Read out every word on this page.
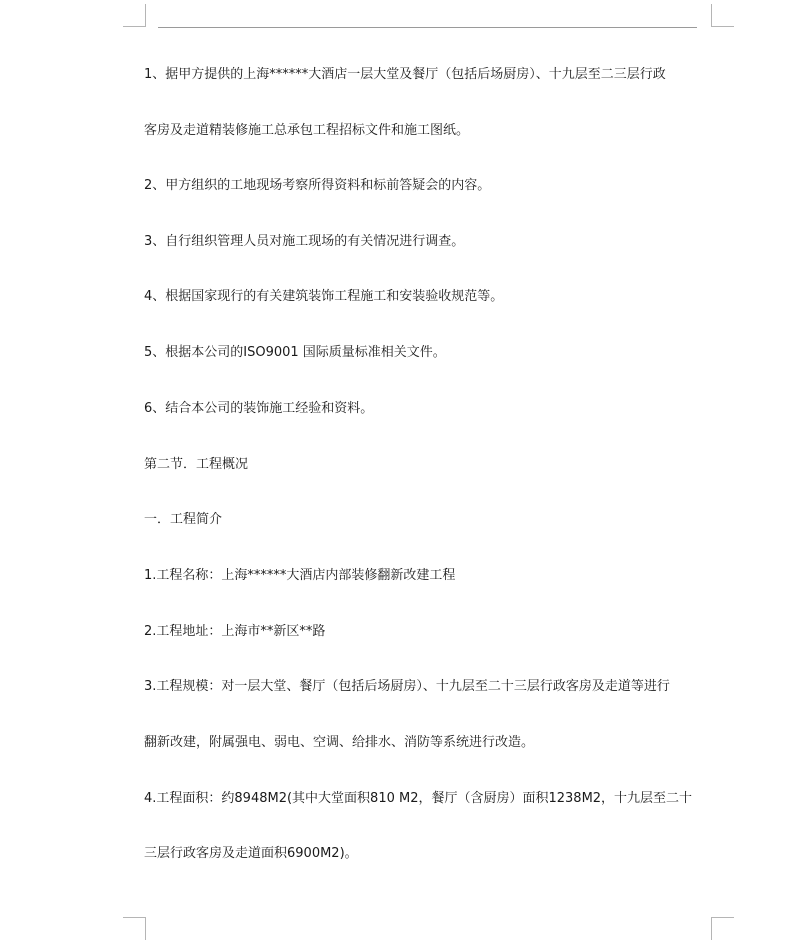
1、据甲方提供的上海******大酒店一层大堂及餐厅（包括后场厨房）、十九层至二三层行政
客房及走道精装修施工总承包工程招标文件和施工图纸。
2、甲方组织的工地现场考察所得资料和标前答疑会的内容。
3、自行组织管理人员对施工现场的有关情况进行调查。
4、根据国家现行的有关建筑装饰工程施工和安装验收规范等。
5、根据本公司的ISO9001 国际质量标准相关文件。
6、结合本公司的装饰施工经验和资料。
第二节．工程概况
一．工程简介
1.工程名称：上海******大酒店内部装修翻新改建工程
2.工程地址：上海市**新区**路
3.工程规模：对一层大堂、餐厅（包括后场厨房）、十九层至二十三层行政客房及走道等进行
翻新改建，附属强电、弱电、空调、给排水、消防等系统进行改造。
4.工程面积：约8948M2(其中大堂面积810 M2，餐厅（含厨房）面积1238M2，十九层至二十
三层行政客房及走道面积6900M2)。
